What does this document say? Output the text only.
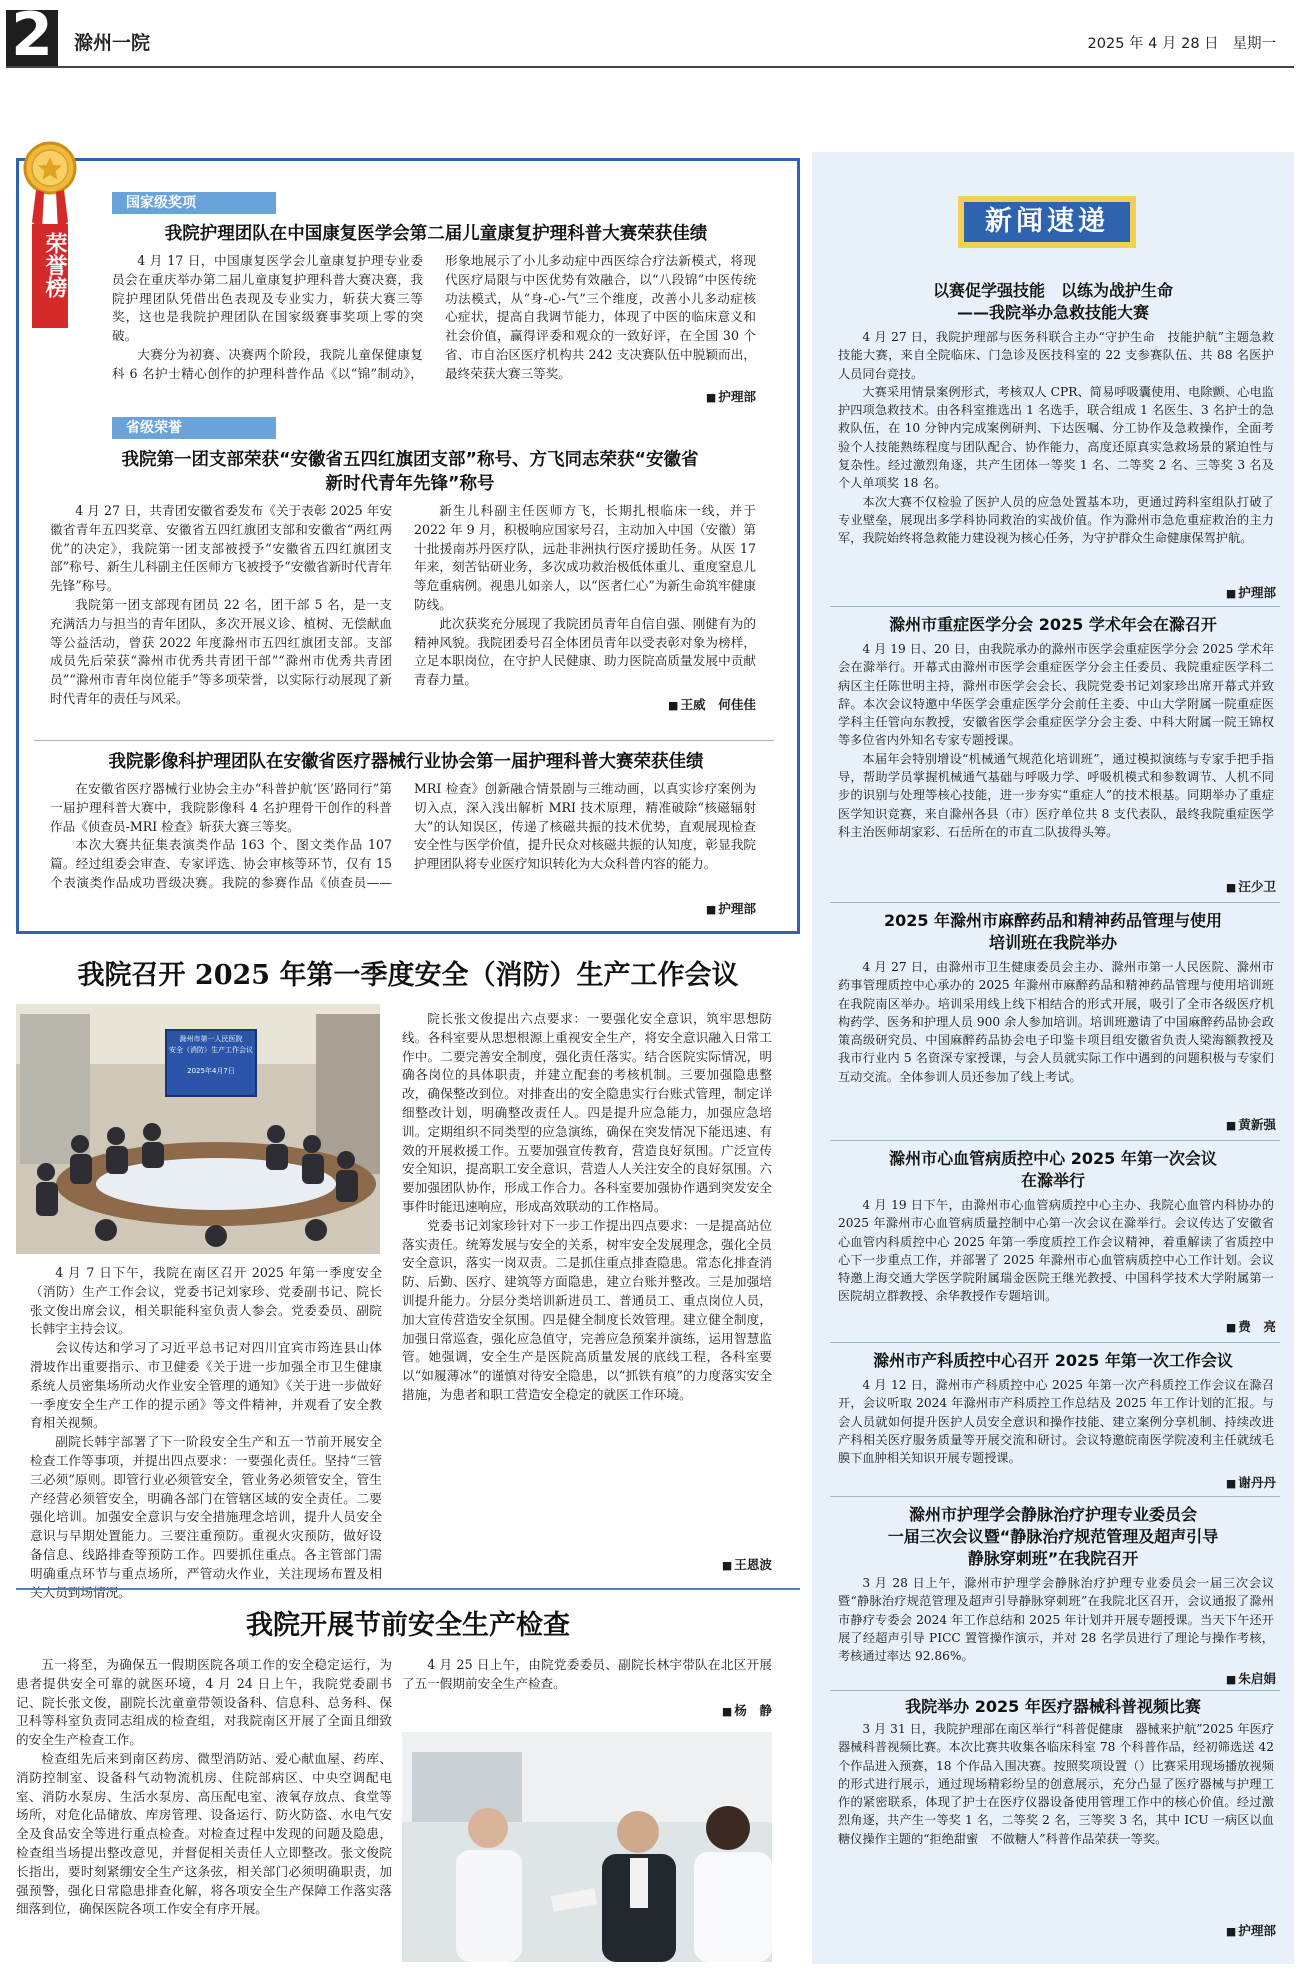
2 滁州一院	2025 年 4 月 28 日 星期一
荣誉榜
国家级奖项
我院护理团队在中国康复医学会第二届儿童康复护理科普大赛荣获佳绩

4 月 17 日，中国康复医学会儿童康复护理专业委员会在重庆举办第二届儿童康复护理科普大赛决赛，我院护理团队凭借出色表现及专业实力，斩获大赛三等奖，这也是我院护理团队在国家级赛事奖项上零的突破。

大赛分为初赛、决赛两个阶段，我院儿童保健康复科 6 名护士精心创作的护理科普作品《以“锦”制动》，形象地展示了小儿多动症中西医综合疗法新模式，将现代医疗局限与中医优势有效融合，以“八段锦”中医传统功法模式，从“身-心-气”三个维度，改善小儿多动症核心症状，提高自我调节能力，体现了中医的临床意义和社会价值，赢得评委和观众的一致好评，在全国 30 个省、市自治区医疗机构共 242 支决赛队伍中脱颖而出，最终荣获大赛三等奖。

■ 护理部

省级荣誉
我院第一团支部荣获“安徽省五四红旗团支部”称号、方飞同志荣获“安徽省
新时代青年先锋”称号

4 月 27 日，共青团安徽省委发布《关于表彰 2025 年安徽省青年五四奖章、安徽省五四红旗团支部和安徽省“两红两优”的决定》，我院第一团支部被授予“安徽省五四红旗团支部”称号、新生儿科副主任医师方飞被授予“安徽省新时代青年先锋”称号。

我院第一团支部现有团员 22 名，团干部 5 名，是一支充满活力与担当的青年团队，多次开展义诊、植树、无偿献血等公益活动，曾获 2022 年度滁州市五四红旗团支部。支部成员先后荣获“滁州市优秀共青团干部”“滁州市优秀共青团员”“滁州市青年岗位能手”等多项荣誉，以实际行动展现了新时代青年的责任与风采。

新生儿科副主任医师方飞，长期扎根临床一线，并于 2022 年 9 月，积极响应国家号召，主动加入中国（安徽）第十批援南苏丹医疗队，远赴非洲执行医疗援助任务。从医 17 年来，刻苦钻研业务，多次成功救治极低体重儿、重度窒息儿等危重病例。视患儿如亲人，以“医者仁心”为新生命筑牢健康防线。

此次获奖充分展现了我院团员青年自信自强、刚健有为的精神风貌。我院团委号召全体团员青年以受表彰对象为榜样，立足本职岗位，在守护人民健康、助力医院高质量发展中贡献青春力量。

■ 王威　何佳佳

我院影像科护理团队在安徽省医疗器械行业协会第一届护理科普大赛荣获佳绩

在安徽省医疗器械行业协会主办“科普护航‘医’路同行”第一届护理科普大赛中，我院影像科 4 名护理骨干创作的科普作品《侦查员-MRI 检查》斩获大赛三等奖。

本次大赛共征集表演类作品 163 个、图文类作品 107 篇。经过组委会审查、专家评选、协会审核等环节，仅有 15 个表演类作品成功晋级决赛。我院的参赛作品《侦查员——MRI 检查》创新融合情景剧与三维动画，以真实诊疗案例为切入点，深入浅出解析 MRI 技术原理，精准破除“核磁辐射大”的认知误区，传递了核磁共振的技术优势，直观展现检查安全性与医学价值，提升民众对核磁共振的认知度，彰显我院护理团队将专业医疗知识转化为大众科普内容的能力。

■ 护理部

我院召开 2025 年第一季度安全（消防）生产工作会议
滁州市第一人民医院
安全（消防）生产工作会议
2025年4月7日

4 月 7 日下午，我院在南区召开 2025 年第一季度安全（消防）生产工作会议，党委书记刘家珍、党委副书记、院长张文俊出席会议，相关职能科室负责人参会。党委委员、副院长韩宇主持会议。

会议传达和学习了习近平总书记对四川宜宾市筠连县山体滑坡作出重要指示、市卫健委《关于进一步加强全市卫生健康系统人员密集场所动火作业安全管理的通知》《关于进一步做好一季度安全生产工作的提示函》等文件精神，并观看了安全教育相关视频。

副院长韩宇部署了下一阶段安全生产和五一节前开展安全检查工作等事项，并提出四点要求：一要强化责任。坚持“三管三必须”原则。即管行业必须管安全，管业务必须管安全，管生产经营必须管安全，明确各部门在管辖区域的安全责任。二要强化培训。加强安全意识与安全措施理念培训，提升人员安全意识与早期处置能力。三要注重预防。重视火灾预防，做好设备信息、线路排查等预防工作。四要抓住重点。各主管部门需明确重点环节与重点场所，严管动火作业，关注现场布置及相关人员到场情况。

院长张文俊提出六点要求：一要强化安全意识，筑牢思想防线。各科室要从思想根源上重视安全生产，将安全意识融入日常工作中。二要完善安全制度，强化责任落实。结合医院实际情况，明确各岗位的具体职责，并建立配套的考核机制。三要加强隐患整改，确保整改到位。对排查出的安全隐患实行台账式管理，制定详细整改计划，明确整改责任人。四是提升应急能力，加强应急培训。定期组织不同类型的应急演练，确保在突发情况下能迅速、有效的开展救援工作。五要加强宣传教育，营造良好氛围。广泛宣传安全知识，提高职工安全意识，营造人人关注安全的良好氛围。六要加强团队协作，形成工作合力。各科室要加强协作遇到突发安全事件时能迅速响应，形成高效联动的工作格局。

党委书记刘家珍针对下一步工作提出四点要求：一是提高站位落实责任。统筹发展与安全的关系，树牢安全发展理念，强化全员安全意识，落实一岗双责。二是抓住重点排查隐患。常态化排查消防、后勤、医疗、建筑等方面隐患，建立台账并整改。三是加强培训提升能力。分层分类培训新进员工、普通员工、重点岗位人员，加大宣传营造安全氛围。四是健全制度长效管理。建立健全制度，加强日常巡查，强化应急值守，完善应急预案并演练，运用智慧监管。她强调，安全生产是医院高质量发展的底线工程，各科室要以“如履薄冰”的谨慎对待安全隐患，以“抓铁有痕”的力度落实安全措施，为患者和职工营造安全稳定的就医工作环境。

■ 王恩波

我院开展节前安全生产检查

五一将至，为确保五一假期医院各项工作的安全稳定运行，为患者提供安全可靠的就医环境，4 月 24 日上午，我院党委副书记、院长张文俊，副院长沈童童带领设备科、信息科、总务科、保卫科等科室负责同志组成的检查组，对我院南区开展了全面且细致的安全生产检查工作。

检查组先后来到南区药房、微型消防站、爱心献血屋、药库、消防控制室、设备科气动物流机房、住院部病区、中央空调配电室、消防水泵房、生活水泵房、高压配电室、液氧存放点、食堂等场所，对危化品储放、库房管理、设备运行、防火防盗、水电气安全及食品安全等进行重点检查。对检查过程中发现的问题及隐患，检查组当场提出整改意见，并督促相关责任人立即整改。张文俊院长指出，要时刻紧绷安全生产这条弦，相关部门必须明确职责，加强预警，强化日常隐患排查化解，将各项安全生产保障工作落实落细落到位，确保医院各项工作安全有序开展。

4 月 25 日上午，由院党委委员、副院长林宇带队在北区开展了五一假期前安全生产检查。

■ 杨　静

新闻速递
以赛促学强技能　以练为战护生命
——我院举办急救技能大赛

4 月 27 日，我院护理部与医务科联合主办“守护生命　技能护航”主题急救技能大赛，来自全院临床、门急诊及医技科室的 22 支参赛队伍、共 88 名医护人员同台竞技。

大赛采用情景案例形式，考核双人 CPR、简易呼吸囊使用、电除颤、心电监护四项急救技术。由各科室推选出 1 名选手，联合组成 1 名医生、3 名护士的急救队伍，在 10 分钟内完成案例研判、下达医嘱、分工协作及急救操作，全面考验个人技能熟练程度与团队配合、协作能力，高度还原真实急救场景的紧迫性与复杂性。经过激烈角逐，共产生团体一等奖 1 名、二等奖 2 名、三等奖 3 名及个人单项奖 18 名。

本次大赛不仅检验了医护人员的应急处置基本功，更通过跨科室组队打破了专业壁垒，展现出多学科协同救治的实战价值。作为滁州市急危重症救治的主力军，我院始终将急救能力建设视为核心任务，为守护群众生命健康保驾护航。

■ 护理部

滁州市重症医学分会 2025 学术年会在滁召开

4 月 19 日、20 日，由我院承办的滁州市医学会重症医学分会 2025 学术年会在滁举行。开幕式由滁州市医学会重症医学分会主任委员、我院重症医学科二病区主任陈世明主持，滁州市医学会会长、我院党委书记刘家珍出席开幕式并致辞。本次会议特邀中华医学会重症医学分会前任主委、中山大学附属一院重症医学科主任管向东教授，安徽省医学会重症医学分会主委、中科大附属一院王锦权等多位省内外知名专家专题授课。

本届年会特别增设“机械通气规范化培训班”，通过模拟演练与专家手把手指导，帮助学员掌握机械通气基础与呼吸力学、呼吸机模式和参数调节、人机不同步的识别与处理等核心技能，进一步夯实“重症人”的技术根基。同期举办了重症医学知识竞赛，来自滁州各县（市）医疗单位共 8 支代表队，最终我院重症医学科主治医师胡家彩、石岳所在的市直二队拔得头筹。

■ 汪少卫

2025 年滁州市麻醉药品和精神药品管理与使用
培训班在我院举办

4 月 27 日，由滁州市卫生健康委员会主办、滁州市第一人民医院、滁州市药事管理质控中心承办的 2025 年滁州市麻醉药品和精神药品管理与使用培训班在我院南区举办。培训采用线上线下相结合的形式开展，吸引了全市各级医疗机构药学、医务和护理人员 900 余人参加培训。培训班邀请了中国麻醉药品协会政策高级研究员、中国麻醉药品协会电子印鉴卡项目组安徽省负责人梁海额教授及我市行业内 5 名资深专家授课，与会人员就实际工作中遇到的问题积极与专家们互动交流。全体参训人员还参加了线上考试。

■ 黄新强

滁州市心血管病质控中心 2025 年第一次会议
在滁举行

4 月 19 日下午，由滁州市心血管病质控中心主办、我院心血管内科协办的 2025 年滁州市心血管病质量控制中心第一次会议在滁举行。会议传达了安徽省心血管内科质控中心 2025 年第一季度质控工作会议精神，着重解读了省质控中心下一步重点工作，并部署了 2025 年滁州市心血管病质控中心工作计划。会议特邀上海交通大学医学院附属瑞金医院王继光教授、中国科学技术大学附属第一医院胡立群教授、余华教授作专题培训。

■ 费　亮

滁州市产科质控中心召开 2025 年第一次工作会议

4 月 12 日，滁州市产科质控中心 2025 年第一次产科质控工作会议在滁召开，会议听取 2024 年滁州市产科质控工作总结及 2025 年工作计划的汇报。与会人员就如何提升医护人员安全意识和操作技能、建立案例分享机制、持续改进产科相关医疗服务质量等开展交流和研讨。会议特邀皖南医学院凌利主任就绒毛膜下血肿相关知识开展专题授课。

■ 谢丹丹

滁州市护理学会静脉治疗护理专业委员会
一届三次会议暨“静脉治疗规范管理及超声引导
静脉穿刺班”在我院召开

3 月 28 日上午，滁州市护理学会静脉治疗护理专业委员会一届三次会议暨“静脉治疗规范管理及超声引导静脉穿刺班”在我院北区召开，会议通报了滁州市静疗专委会 2024 年工作总结和 2025 年计划并开展专题授课。当天下午还开展了经超声引导 PICC 置管操作演示，并对 28 名学员进行了理论与操作考核，考核通过率达 92.86%。

■ 朱启娟

我院举办 2025 年医疗器械科普视频比赛

3 月 31 日，我院护理部在南区举行“科普促健康　器械来护航”2025 年医疗器械科普视频比赛。本次比赛共收集各临床科室 78 个科普作品，经初筛选送 42 个作品进入预赛，18 个作品入围决赛。按照奖项设置（）比赛采用现场播放视频的形式进行展示，通过现场精彩纷呈的创意展示，充分凸显了医疗器械与护理工作的紧密联系，体现了护士在医疗仪器设备使用管理工作中的核心价值。经过激烈角逐，共产生一等奖 1 名，二等奖 2 名，三等奖 3 名，其中 ICU 一病区以血糖仪操作主题的“拒绝甜蜜　不做糖人”科普作品荣获一等奖。

■ 护理部
